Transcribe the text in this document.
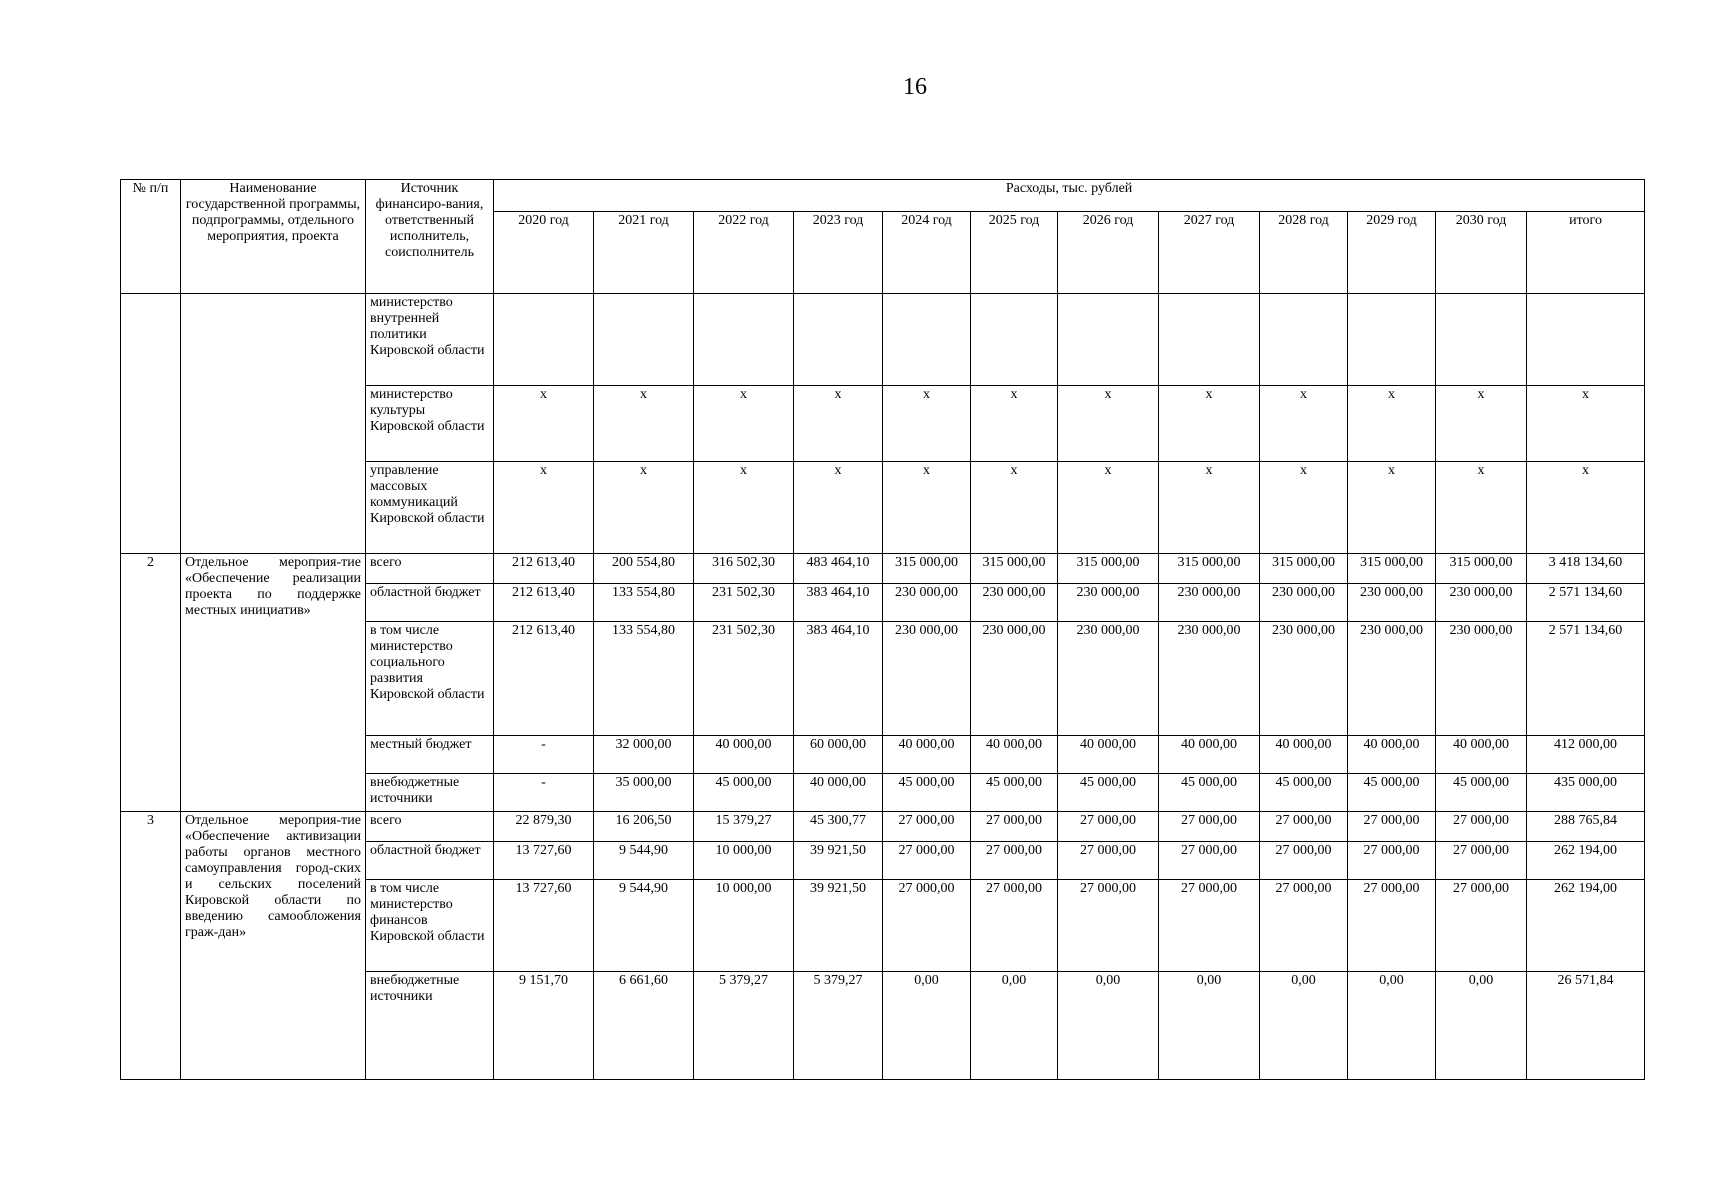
16
№ п/п	Наименование государственной программы, подпрограммы, отдельного мероприятия, проекта	Источник финансиро-вания, ответственный исполнитель, соисполнитель	Расходы, тыс. рублей											
			2020 год	2021 год	2022 год	2023 год	2024 год	2025 год	2026 год	2027 год	2028 год	2029 год	2030 год	итого
		министерство внутренней политики Кировской области												
		министерство культуры Кировской области	x	x	x	x	x	x	x	x	x	x	x	x
		управление массовых коммуникаций Кировской области	x	x	x	x	x	x	x	x	x	x	x	x
2	Отдельное мероприя-тие «Обеспечение реализации проекта по поддержке местных инициатив»	всего	212 613,40	200 554,80	316 502,30	483 464,10	315 000,00	315 000,00	315 000,00	315 000,00	315 000,00	315 000,00	315 000,00	3 418 134,60
		областной бюджет	212 613,40	133 554,80	231 502,30	383 464,10	230 000,00	230 000,00	230 000,00	230 000,00	230 000,00	230 000,00	230 000,00	2 571 134,60
		в том числе министерство социального развития Кировской области	212 613,40	133 554,80	231 502,30	383 464,10	230 000,00	230 000,00	230 000,00	230 000,00	230 000,00	230 000,00	230 000,00	2 571 134,60
		местный бюджет	-	32 000,00	40 000,00	60 000,00	40 000,00	40 000,00	40 000,00	40 000,00	40 000,00	40 000,00	40 000,00	412 000,00
		внебюджетные источники	-	35 000,00	45 000,00	40 000,00	45 000,00	45 000,00	45 000,00	45 000,00	45 000,00	45 000,00	45 000,00	435 000,00
3	Отдельное мероприя-тие «Обеспечение активизации работы органов местного самоуправления город-ских и сельских поселений Кировской области по введению самообложения граж-дан»	всего	22 879,30	16 206,50	15 379,27	45 300,77	27 000,00	27 000,00	27 000,00	27 000,00	27 000,00	27 000,00	27 000,00	288 765,84
		областной бюджет	13 727,60	9 544,90	10 000,00	39 921,50	27 000,00	27 000,00	27 000,00	27 000,00	27 000,00	27 000,00	27 000,00	262 194,00
		в том числе министерство финансов Кировской области	13 727,60	9 544,90	10 000,00	39 921,50	27 000,00	27 000,00	27 000,00	27 000,00	27 000,00	27 000,00	27 000,00	262 194,00
		внебюджетные источники	9 151,70	6 661,60	5 379,27	5 379,27	0,00	0,00	0,00	0,00	0,00	0,00	0,00	26 571,84
